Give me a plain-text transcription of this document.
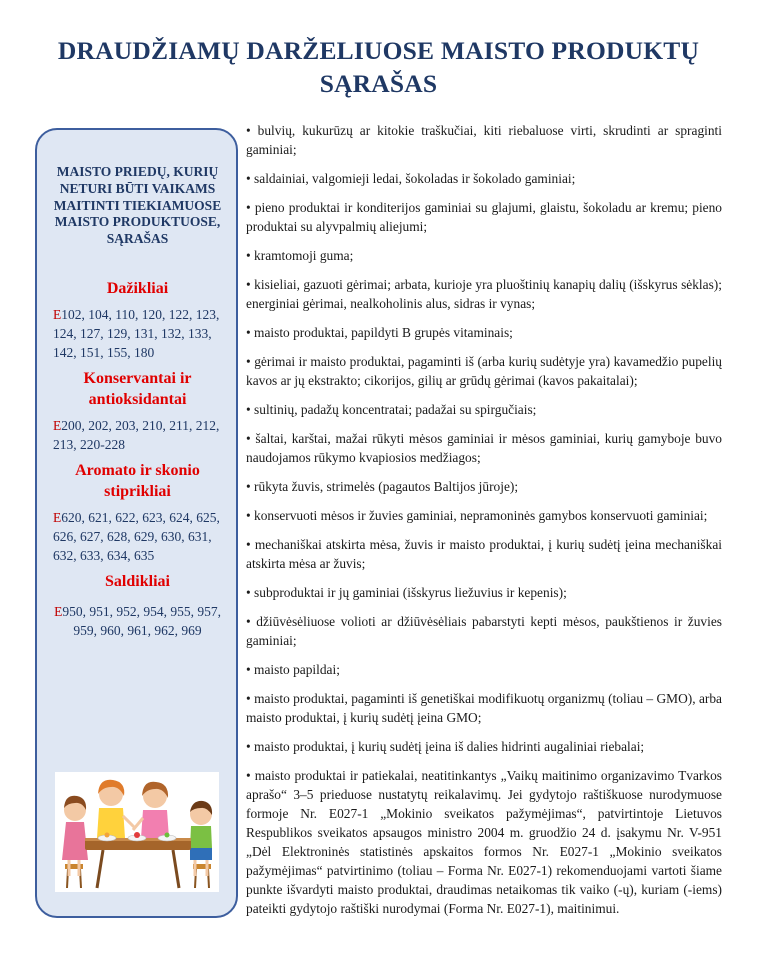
DRAUDŽIAMŲ DARŽELIUOSE MAISTO PRODUKTŲ SĄRAŠAS

MAISTO PRIEDŲ, KURIŲ NETURI BŪTI VAIKAMS MAITINTI TIEKIAMUOSE MAISTO PRODUKTUOSE, SĄRAŠAS

Dažikliai

E102, 104, 110, 120, 122, 123, 124, 127, 129, 131, 132, 133, 142, 151, 155, 180

Konservantai ir antioksidantai

E200, 202, 203, 210, 211, 212, 213, 220-228

Aromato ir skonio stiprikliai

E620, 621, 622, 623, 624, 625, 626, 627, 628, 629, 630, 631, 632, 633, 634, 635

Saldikliai

E950, 951, 952, 954, 955, 957, 959, 960, 961, 962, 969

• bulvių, kukurūzų ar kitokie traškučiai, kiti riebaluose virti, skrudinti ar spraginti gaminiai;

• saldainiai, valgomieji ledai, šokoladas ir šokolado gaminiai;

• pieno produktai ir konditerijos gaminiai su glajumi, glaistu, šokoladu ar kremu; pieno produktai su alyvpalmių aliejumi;

• kramtomoji guma;

• kisieliai, gazuoti gėrimai; arbata, kurioje yra pluoštinių kanapių dalių (išskyrus sėklas); energiniai gėrimai, nealkoholinis alus, sidras ir vynas;

• maisto produktai, papildyti B grupės vitaminais;

• gėrimai ir maisto produktai, pagaminti iš (arba kurių sudėtyje yra) kavamedžio pupelių kavos ar jų ekstrakto; cikorijos, gilių ar grūdų gėrimai (kavos pakaitalai);

• sultinių, padažų koncentratai; padažai su spirgučiais;

• šaltai, karštai, mažai rūkyti mėsos gaminiai ir mėsos gaminiai, kurių gamyboje buvo naudojamos rūkymo kvapiosios medžiagos;

• rūkyta žuvis, strimelės (pagautos Baltijos jūroje);

• konservuoti mėsos ir žuvies gaminiai, nepramoninės gamybos konservuoti gaminiai;

• mechaniškai atskirta mėsa, žuvis ir maisto produktai, į kurių sudėtį įeina mechaniškai atskirta mėsa ar žuvis;

• subproduktai ir jų gaminiai (išskyrus liežuvius ir kepenis);

• džiūvėsėliuose volioti ar džiūvėsėliais pabarstyti kepti mėsos, paukštienos ir žuvies gaminiai;

• maisto papildai;

• maisto produktai, pagaminti iš genetiškai modifikuotų organizmų (toliau – GMO), arba maisto produktai, į kurių sudėtį įeina GMO;

• maisto produktai, į kurių sudėtį įeina iš dalies hidrinti augaliniai riebalai;

• maisto produktai ir patiekalai, neatitinkantys „Vaikų maitinimo organizavimo Tvarkos aprašo“ 3–5 prieduose nustatytų reikalavimų. Jei gydytojo raštiškuose nurodymuose formoje Nr. E027-1 „Mokinio sveikatos pažymėjimas“, patvirtintoje Lietuvos Respublikos sveikatos apsaugos ministro 2004 m. gruodžio 24 d. įsakymu Nr. V-951 „Dėl Elektroninės statistinės apskaitos formos Nr. E027-1 „Mokinio sveikatos pažymėjimas“ patvirtinimo (toliau – Forma Nr. E027-1) rekomenduojami vartoti šiame punkte išvardyti maisto produktai, draudimas netaikomas tik vaiko (-ų), kuriam (-iems) pateikti gydytojo raštiški nurodymai (Forma Nr. E027-1), maitinimui.
